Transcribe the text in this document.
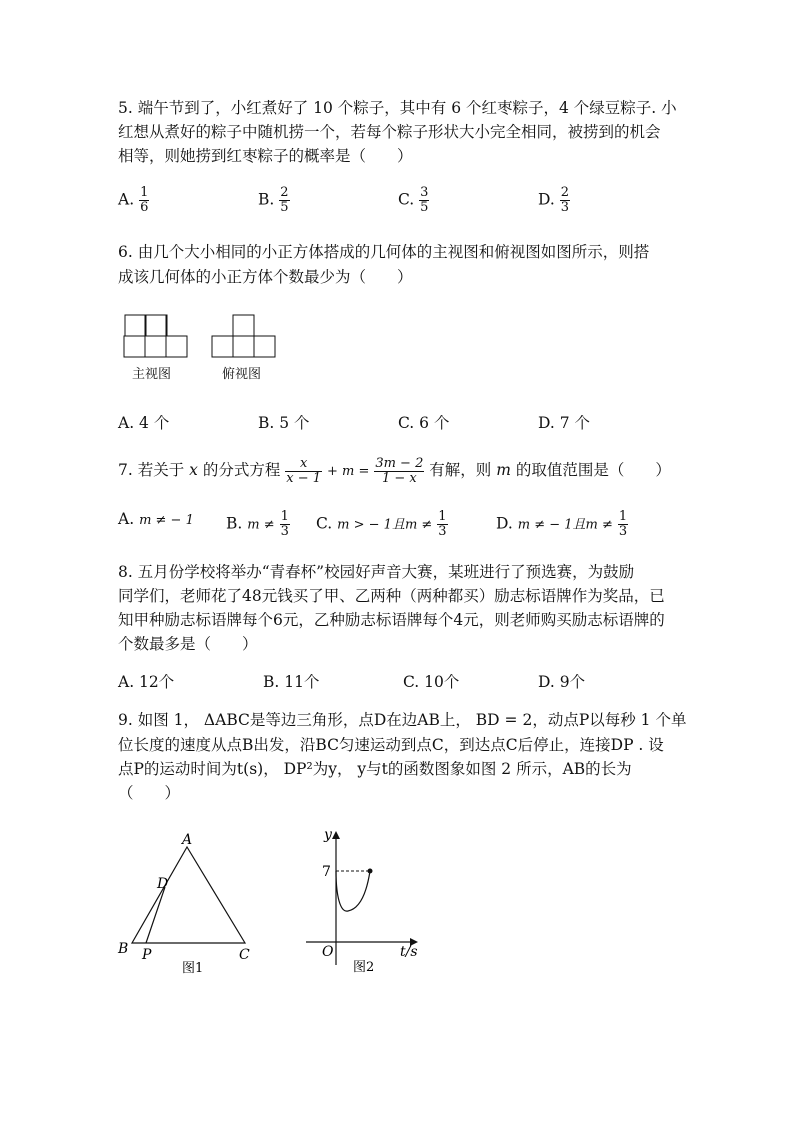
5. 端午节到了，小红煮好了 10 个粽子，其中有 6 个红枣粽子，4 个绿豆粽子. 小
红想从煮好的粽子中随机捞一个，若每个粽子形状大小完全相同，被捞到的机会
相等，则她捞到红枣粽子的概率是（　　）
A. $\frac{1}{6}$	B. $\frac{2}{5}$	C. $\frac{3}{5}$	D. $\frac{2}{3}$
6. 由几个大小相同的小正方体搭成的几何体的主视图和俯视图如图所示，则搭
成该几何体的小正方体个数最少为（　　）
主视图	俯视图
A. 4 个	B. 5 个	C. 6 个	D. 7 个
7. 若关于 x 的分式方程 $\frac{x}{x - 1} + m = \frac{3m - 2}{1 - x}$ 有解，则 m 的取值范围是（　　）
A. m ≠ − 1 B. $m \ne \frac{1}{3} C$. m > − 1且$m \ne \frac{1}{3}$	D. m ≠ − 1且$m \ne \frac{1}{3}$
8. 五月份学校将举办“青春杯”校园好声音大赛，某班进行了预选赛，为鼓励
同学们，老师花了48元钱买了甲、乙两种（两种都买）励志标语牌作为奖品，已
知甲种励志标语牌每个6元，乙种励志标语牌每个4元，则老师购买励志标语牌的
个数最多是（　　）
A. 12个	B. 11个	C. 10个	D. 9个
9. 如图 1， ΔABC是等边三角形，点D在边AB上， BD = 2，动点P以每秒 1 个单
位长度的速度从点B出发，沿BC匀速运动到点C，到达点C后停止，连接DP . 设
点P的运动时间为t(s)， DP²为y， y与t的函数图象如图 2 所示，AB的长为
（　　）
A
B	C
D
P
图1
y
7
O	t/s
图2
